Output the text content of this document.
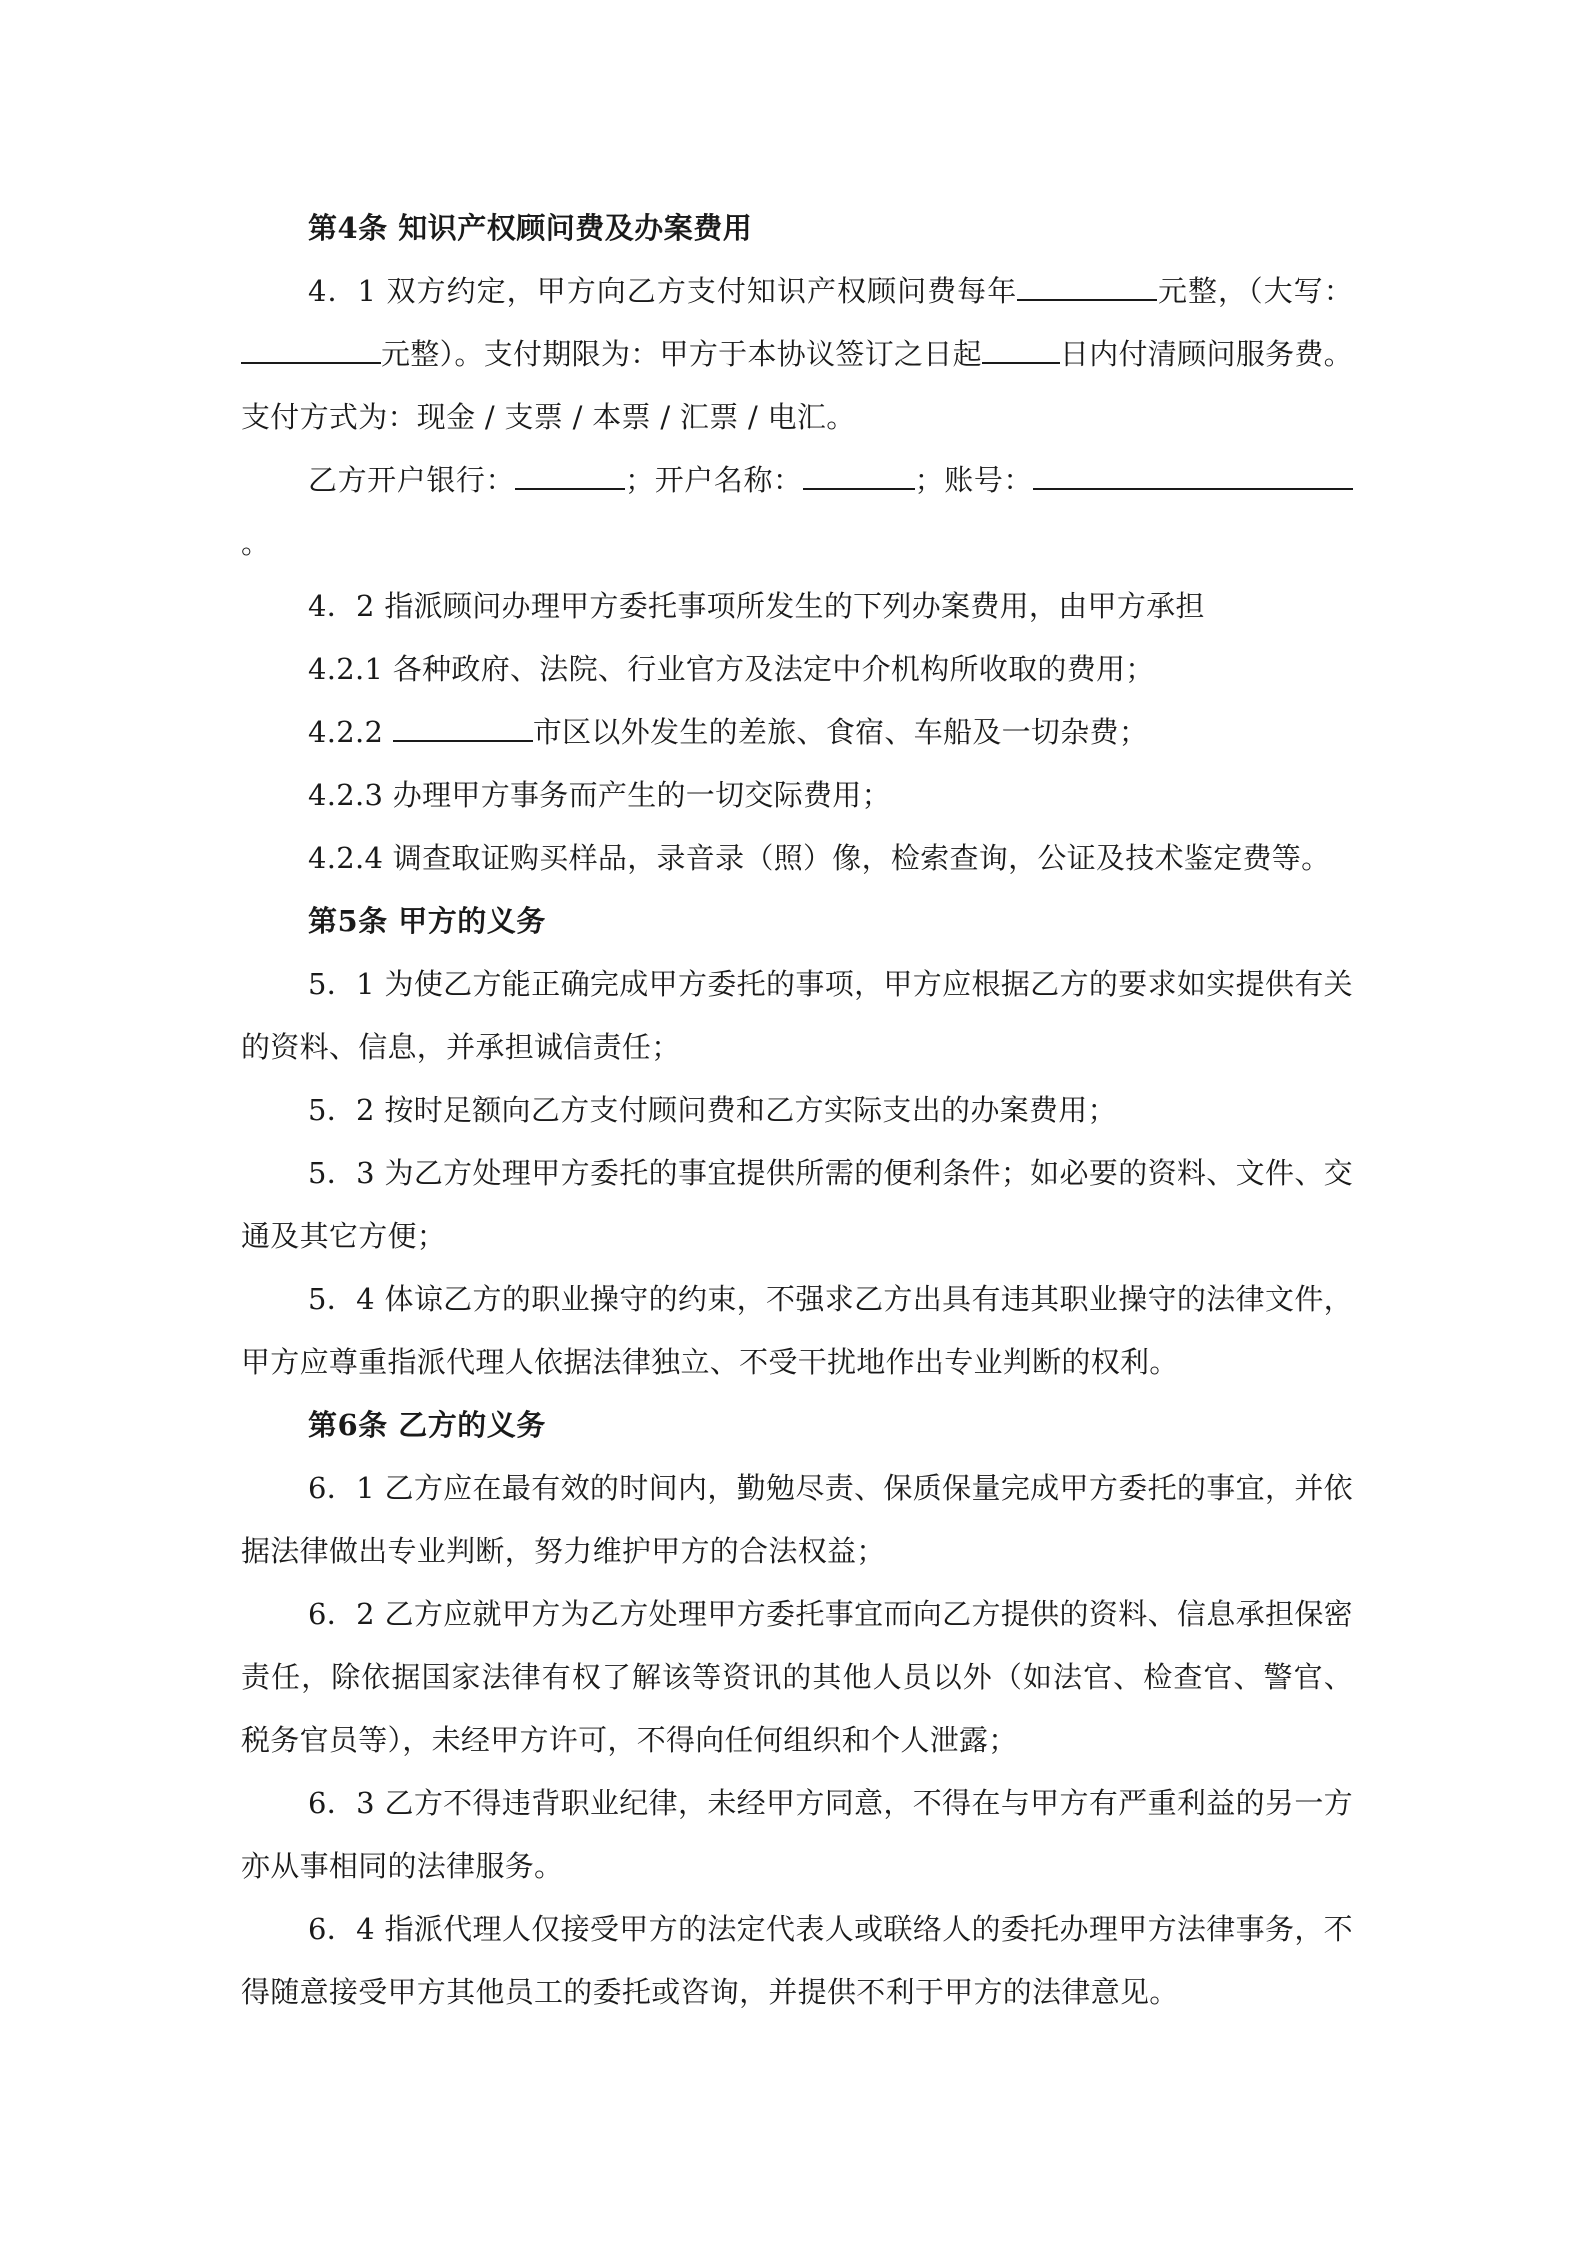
第4条 知识产权顾问费及办案费用

4．1 双方约定，甲方向乙方支付知识产权顾问费每年	元整，（大写：元整）。支付期限为：甲方于本协议签订之日起	日内付清顾问服务费。支付方式为：现金 / 支票 / 本票 / 汇票 / 电汇。

乙方开户银行：	；开户名称：	；账号：。

4．2 指派顾问办理甲方委托事项所发生的下列办案费用，由甲方承担

4.2.1 各种政府、法院、行业官方及法定中介机构所收取的费用；

4.2.2	市区以外发生的差旅、食宿、车船及一切杂费；

4.2.3 办理甲方事务而产生的一切交际费用；

4.2.4 调查取证购买样品，录音录（照）像，检索查询，公证及技术鉴定费等。

第5条 甲方的义务

5．1 为使乙方能正确完成甲方委托的事项，甲方应根据乙方的要求如实提供有关的资料、信息，并承担诚信责任；

5．2 按时足额向乙方支付顾问费和乙方实际支出的办案费用；

5．3 为乙方处理甲方委托的事宜提供所需的便利条件；如必要的资料、文件、交通及其它方便；

5．4 体谅乙方的职业操守的约束，不强求乙方出具有违其职业操守的法律文件，甲方应尊重指派代理人依据法律独立、不受干扰地作出专业判断的权利。

第6条 乙方的义务

6．1 乙方应在最有效的时间内，勤勉尽责、保质保量完成甲方委托的事宜，并依据法律做出专业判断，努力维护甲方的合法权益；

6．2 乙方应就甲方为乙方处理甲方委托事宜而向乙方提供的资料、信息承担保密责任，除依据国家法律有权了解该等资讯的其他人员以外（如法官、检查官、警官、税务官员等），未经甲方许可，不得向任何组织和个人泄露；

6．3 乙方不得违背职业纪律，未经甲方同意，不得在与甲方有严重利益的另一方亦从事相同的法律服务。

6．4 指派代理人仅接受甲方的法定代表人或联络人的委托办理甲方法律事务，不得随意接受甲方其他员工的委托或咨询，并提供不利于甲方的法律意见。
